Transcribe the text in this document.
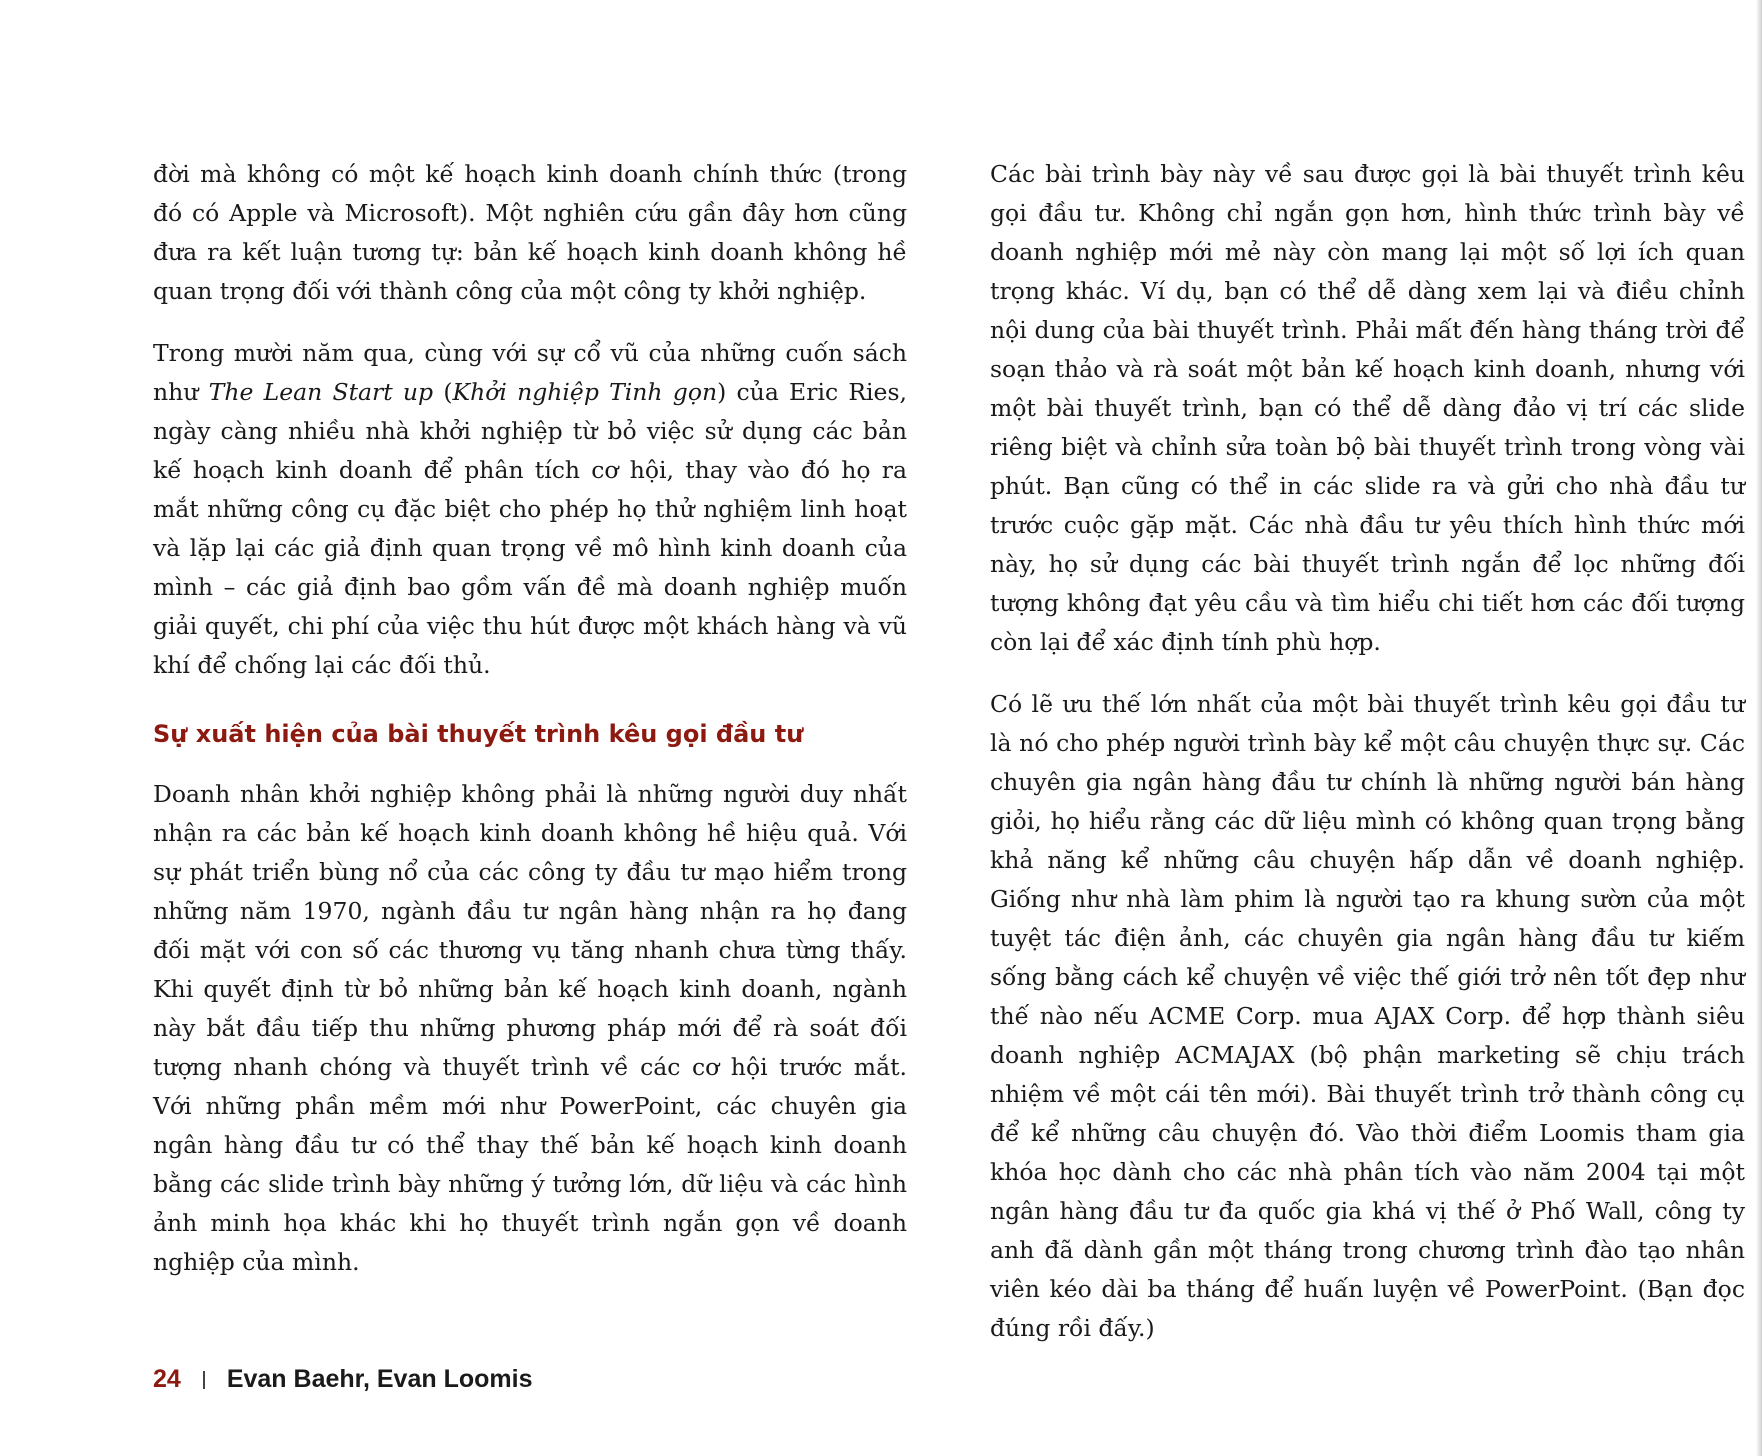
đời mà không có một kế hoạch kinh doanh chính thức (trong đó có Apple và Microsoft). Một nghiên cứu gần đây hơn cũng đưa ra kết luận tương tự: bản kế hoạch kinh doanh không hề quan trọng đối với thành công của một công ty khởi nghiệp.

Trong mười năm qua, cùng với sự cổ vũ của những cuốn sách như The Lean Start up (Khởi nghiệp Tinh gọn) của Eric Ries, ngày càng nhiều nhà khởi nghiệp từ bỏ việc sử dụng các bản kế hoạch kinh doanh để phân tích cơ hội, thay vào đó họ ra mắt những công cụ đặc biệt cho phép họ thử nghiệm linh hoạt và lặp lại các giả định quan trọng về mô hình kinh doanh của mình – các giả định bao gồm vấn đề mà doanh nghiệp muốn giải quyết, chi phí của việc thu hút được một khách hàng và vũ khí để chống lại các đối thủ.

Sự xuất hiện của bài thuyết trình kêu gọi đầu tư

Doanh nhân khởi nghiệp không phải là những người duy nhất nhận ra các bản kế hoạch kinh doanh không hề hiệu quả. Với sự phát triển bùng nổ của các công ty đầu tư mạo hiểm trong những năm 1970, ngành đầu tư ngân hàng nhận ra họ đang đối mặt với con số các thương vụ tăng nhanh chưa từng thấy. Khi quyết định từ bỏ những bản kế hoạch kinh doanh, ngành này bắt đầu tiếp thu những phương pháp mới để rà soát đối tượng nhanh chóng và thuyết trình về các cơ hội trước mắt. Với những phần mềm mới như PowerPoint, các chuyên gia ngân hàng đầu tư có thể thay thế bản kế hoạch kinh doanh bằng các slide trình bày những ý tưởng lớn, dữ liệu và các hình ảnh minh họa khác khi họ thuyết trình ngắn gọn về doanh nghiệp của mình.

Các bài trình bày này về sau được gọi là bài thuyết trình kêu gọi đầu tư. Không chỉ ngắn gọn hơn, hình thức trình bày về doanh nghiệp mới mẻ này còn mang lại một số lợi ích quan trọng khác. Ví dụ, bạn có thể dễ dàng xem lại và điều chỉnh nội dung của bài thuyết trình. Phải mất đến hàng tháng trời để soạn thảo và rà soát một bản kế hoạch kinh doanh, nhưng với một bài thuyết trình, bạn có thể dễ dàng đảo vị trí các slide riêng biệt và chỉnh sửa toàn bộ bài thuyết trình trong vòng vài phút. Bạn cũng có thể in các slide ra và gửi cho nhà đầu tư trước cuộc gặp mặt. Các nhà đầu tư yêu thích hình thức mới này, họ sử dụng các bài thuyết trình ngắn để lọc những đối tượng không đạt yêu cầu và tìm hiểu chi tiết hơn các đối tượng còn lại để xác định tính phù hợp.

Có lẽ ưu thế lớn nhất của một bài thuyết trình kêu gọi đầu tư là nó cho phép người trình bày kể một câu chuyện thực sự. Các chuyên gia ngân hàng đầu tư chính là những người bán hàng giỏi, họ hiểu rằng các dữ liệu mình có không quan trọng bằng khả năng kể những câu chuyện hấp dẫn về doanh nghiệp. Giống như nhà làm phim là người tạo ra khung sườn của một tuyệt tác điện ảnh, các chuyên gia ngân hàng đầu tư kiếm sống bằng cách kể chuyện về việc thế giới trở nên tốt đẹp như thế nào nếu ACME Corp. mua AJAX Corp. để hợp thành siêu doanh nghiệp ACMAJAX (bộ phận marketing sẽ chịu trách nhiệm về một cái tên mới). Bài thuyết trình trở thành công cụ để kể những câu chuyện đó. Vào thời điểm Loomis tham gia khóa học dành cho các nhà phân tích vào năm 2004 tại một ngân hàng đầu tư đa quốc gia khá vị thế ở Phố Wall, công ty anh đã dành gần một tháng trong chương trình đào tạo nhân viên kéo dài ba tháng để huấn luyện về PowerPoint. (Bạn đọc đúng rồi đấy.)

24 Evan Baehr, Evan Loomis
